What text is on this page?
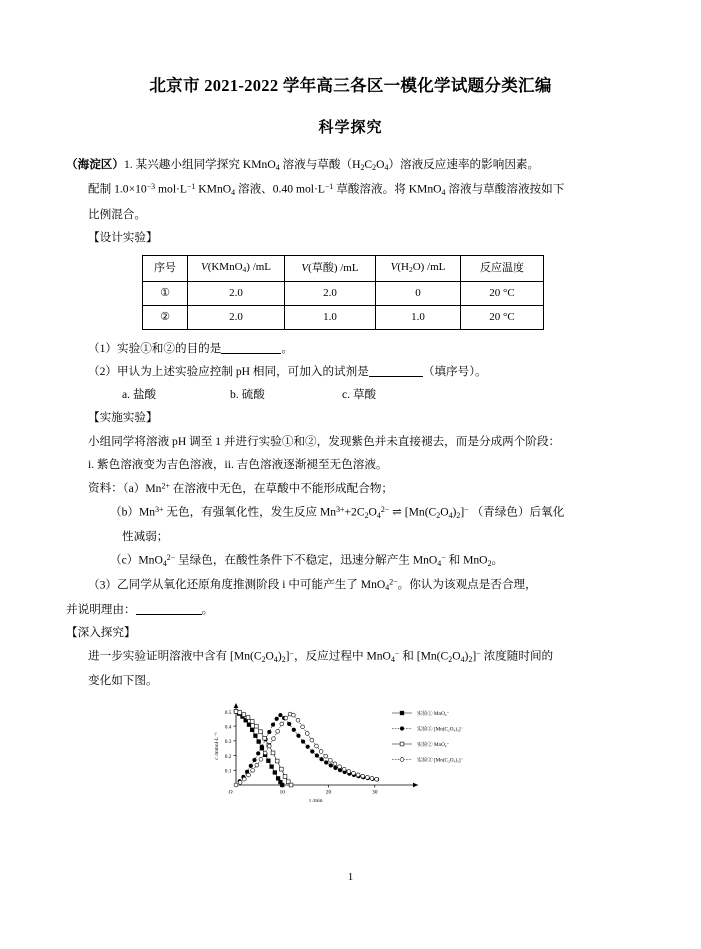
北京市 2021-2022 学年高三各区一模化学试题分类汇编
科学探究
（海淀区）1. 某兴趣小组同学探究 KMnO$_4$ 溶液与草酸$(H_2C_2O_4)$溶液反应速率的影响因素。
配制 $1.0\times 10^{-3}$ $mol\cdot L^{-1}$ KMnO$_4$ 溶液、0.40 $mol\cdot L^{-1}$ 草酸溶液。将 KMnO$_4$ 溶液与草酸溶液按如下
比例混合。
【设计实验】
序号	V(KMnO$_4$) /mL	V(草酸) /mL	$V(H_2O)$ /mL	反应温度
①	2.0	2.0	0	20 °C
②	2.0	1.0	1.0	20 °C
（1）实验①和②的目的是	。
（2）甲认为上述实验应控制 pH 相同，可加入的试剂是	（填序号）。
a. 盐酸	b. 硫酸	c. 草酸
【实施实验】
小组同学将溶液 pH 调至 1 并进行实验①和②，发现紫色并未直接褪去，而是分成两个阶段：
i. 紫色溶液变为吉色溶液，ii. 吉色溶液逐渐褪至无色溶液。
资料：$(a)Mn^{2+}$ 在溶液中无色，在草酸中不能形成配合物；
$(b)Mn^{3+}$ 无色，有强氧化性，发生反应 $Mn^{3+}+2C_2O_4^{2-}$ ⇌ $[Mn(C_2O_4)_2]^-$ （青绿色）后氧化
性减弱；
（c）MnO$_4^{2-}$ 呈绿色，在酸性条件下不稳定，迅速分解产生 MnO$_4$− 和 MnO$_2$。
（3）乙同学从氧化还原角度推测阶段 i 中可能产生了 MnO$_4^{2-}$。你认为该观点是否合理，
并说明理由：	。
【深入探究】
进一步实验证明溶液中含有 $[Mn(C_2O_4)_2]^-$，反应过程中 MnO$_4$− 和 $[Mn(C_2O_4)_2]^-$ 浓度随时间的
变化如下图。
0.1
0.2
0.3
0.4
0.5
O	10	20	30
t /min
c /mmol·L⁻¹
实验① MnO₄⁻
实验① [Mn(C₂O₄)₂]⁻
实验② MnO₄⁻
实验② [Mn(C₂O₄)₂]⁻
1
